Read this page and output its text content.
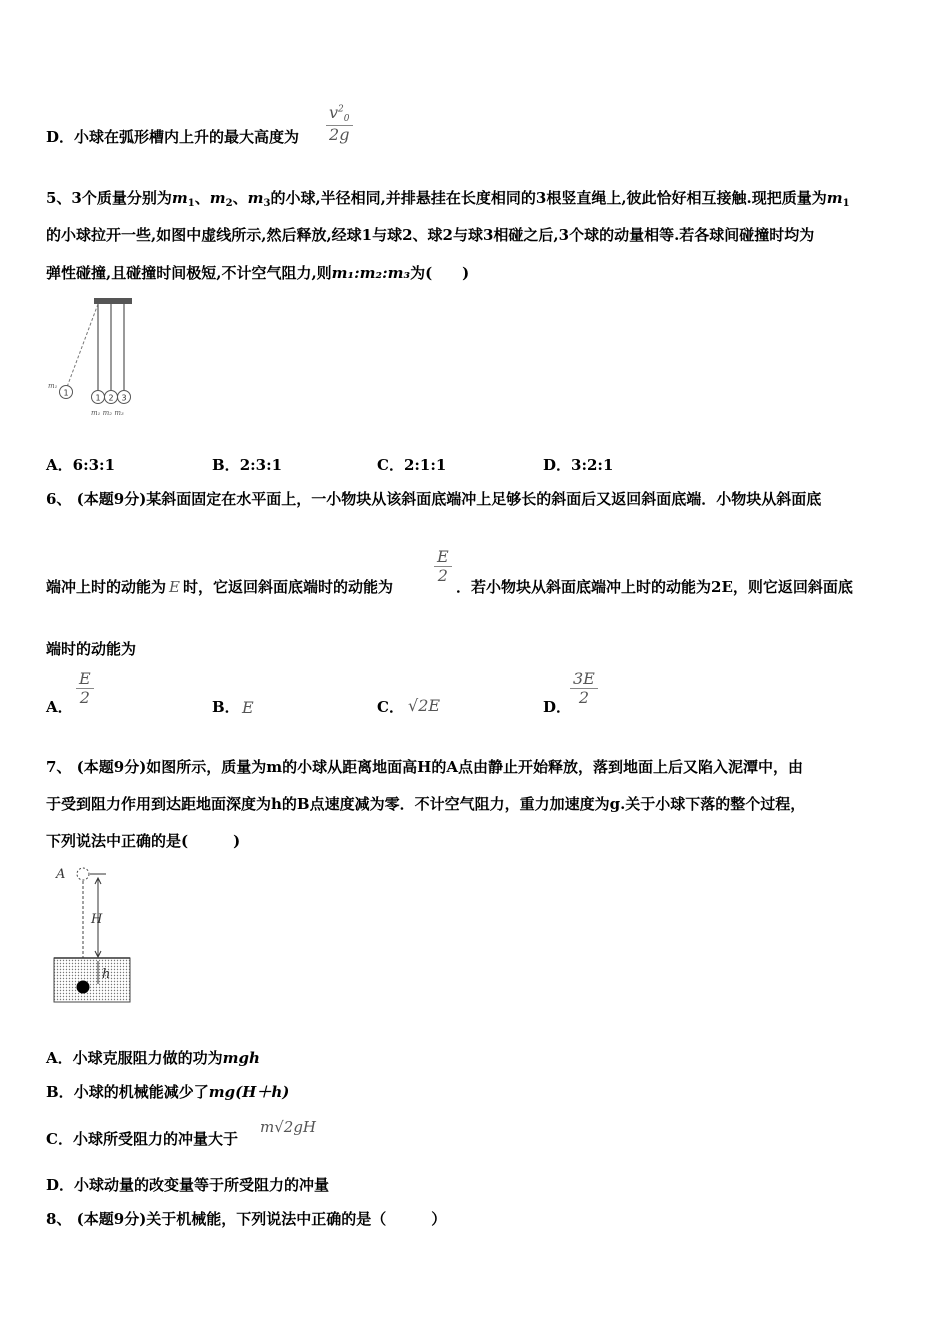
D．小球在弧形槽内上升的最大高度为 $\frac{v^2_0}{2g}$
5、3个质量分别为$m_1$、$m_2$、$m_3$的小球,半径相同,并排悬挂在长度相同的3根竖直绳上,彼此恰好相互接触.现把质量为$m_1$
的小球拉开一些,如图中虚线所示,然后释放,经球1与球2、球2与球3相碰之后,3个球的动量相等.若各球间碰撞时均为
弹性碰撞,且碰撞时间极短,不计空气阻力,则m₁:m₂:m₃为(　　)
1
m₁
1 2 3
m₁ m₂ m₃
A．6:3:1	B．2:3:1	C．2:1:1	D．3:2:1
6、 (本题9分)某斜面固定在水平面上，一小物块从该斜面底端冲上足够长的斜面后又返回斜面底端．小物块从斜面底
端冲上时的动能为 E 时，它返回斜面底端时的动能为
$\frac{E}{2}$
．若小物块从斜面底端冲上时的动能为2E，则它返回斜面底
端时的动能为
A．
$\frac{E}{2}$
B． E	C． √2E	D．
$\frac{3E}{2}$
7、 (本题9分)如图所示，质量为m的小球从距离地面高H的A点由静止开始释放，落到地面上后又陷入泥潭中，由
于受到阻力作用到达距地面深度为h的B点速度减为零．不计空气阻力，重力加速度为g.关于小球下落的整个过程，
下列说法中正确的是(　　　)
A
H
h
A．小球克服阻力做的功为mgh
B．小球的机械能减少了mg(H＋h)
C．小球所受阻力的冲量大于
m√2gH
D．小球动量的改变量等于所受阻力的冲量
8、 (本题9分)关于机械能，下列说法中正确的是（　　　）
